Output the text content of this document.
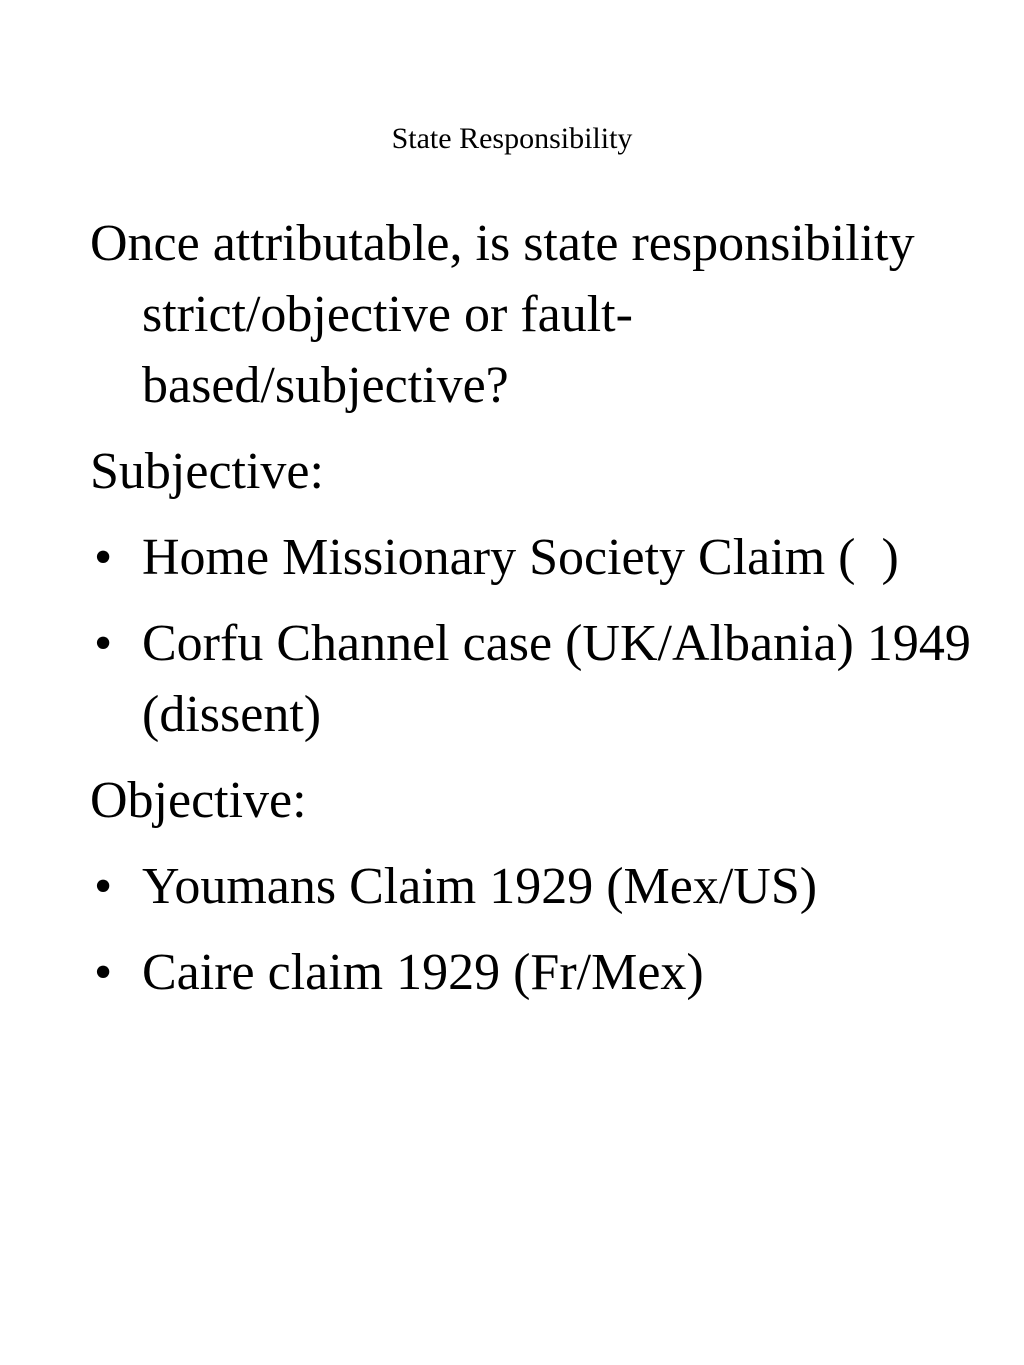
State Responsibility
Once attributable, is state responsibility strict/objective or fault-based/subjective?
Subjective:
• Home Missionary Society Claim (  )
• Corfu Channel case (UK/Albania) 1949 (dissent)
Objective:
• Youmans Claim 1929 (Mex/US)
• Caire claim 1929 (Fr/Mex)
